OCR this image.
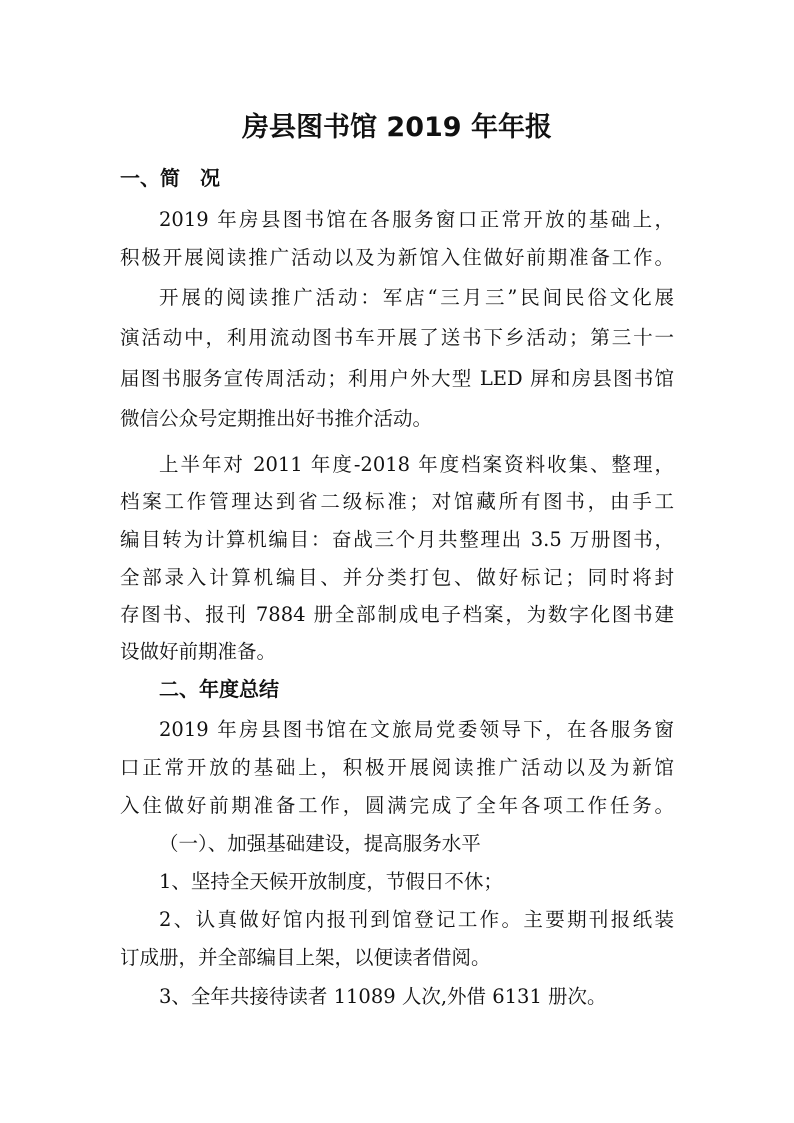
房县图书馆 2019 年年报
一、简　况
2019 年房县图书馆在各服务窗口正常开放的基础上，
积极开展阅读推广活动以及为新馆入住做好前期准备工作。
开展的阅读推广活动：军店“三月三”民间民俗文化展
演活动中，利用流动图书车开展了送书下乡活动；第三十一
届图书服务宣传周活动；利用户外大型 LED 屏和房县图书馆
微信公众号定期推出好书推介活动。
上半年对 2011 年度-2018 年度档案资料收集、整理，
档案工作管理达到省二级标准；对馆藏所有图书，由手工
编目转为计算机编目：奋战三个月共整理出 3.5 万册图书，
全部录入计算机编目、并分类打包、做好标记；同时将封
存图书、报刊 7884 册全部制成电子档案，为数字化图书建
设做好前期准备。
二、年度总结
2019 年房县图书馆在文旅局党委领导下，在各服务窗
口正常开放的基础上，积极开展阅读推广活动以及为新馆
入住做好前期准备工作，圆满完成了全年各项工作任务。
（一）、加强基础建设，提高服务水平
1、坚持全天候开放制度，节假日不休；
2、认真做好馆内报刊到馆登记工作。主要期刊报纸装
订成册，并全部编目上架，以便读者借阅。
3、全年共接待读者 11089 人次,外借 6131 册次。
